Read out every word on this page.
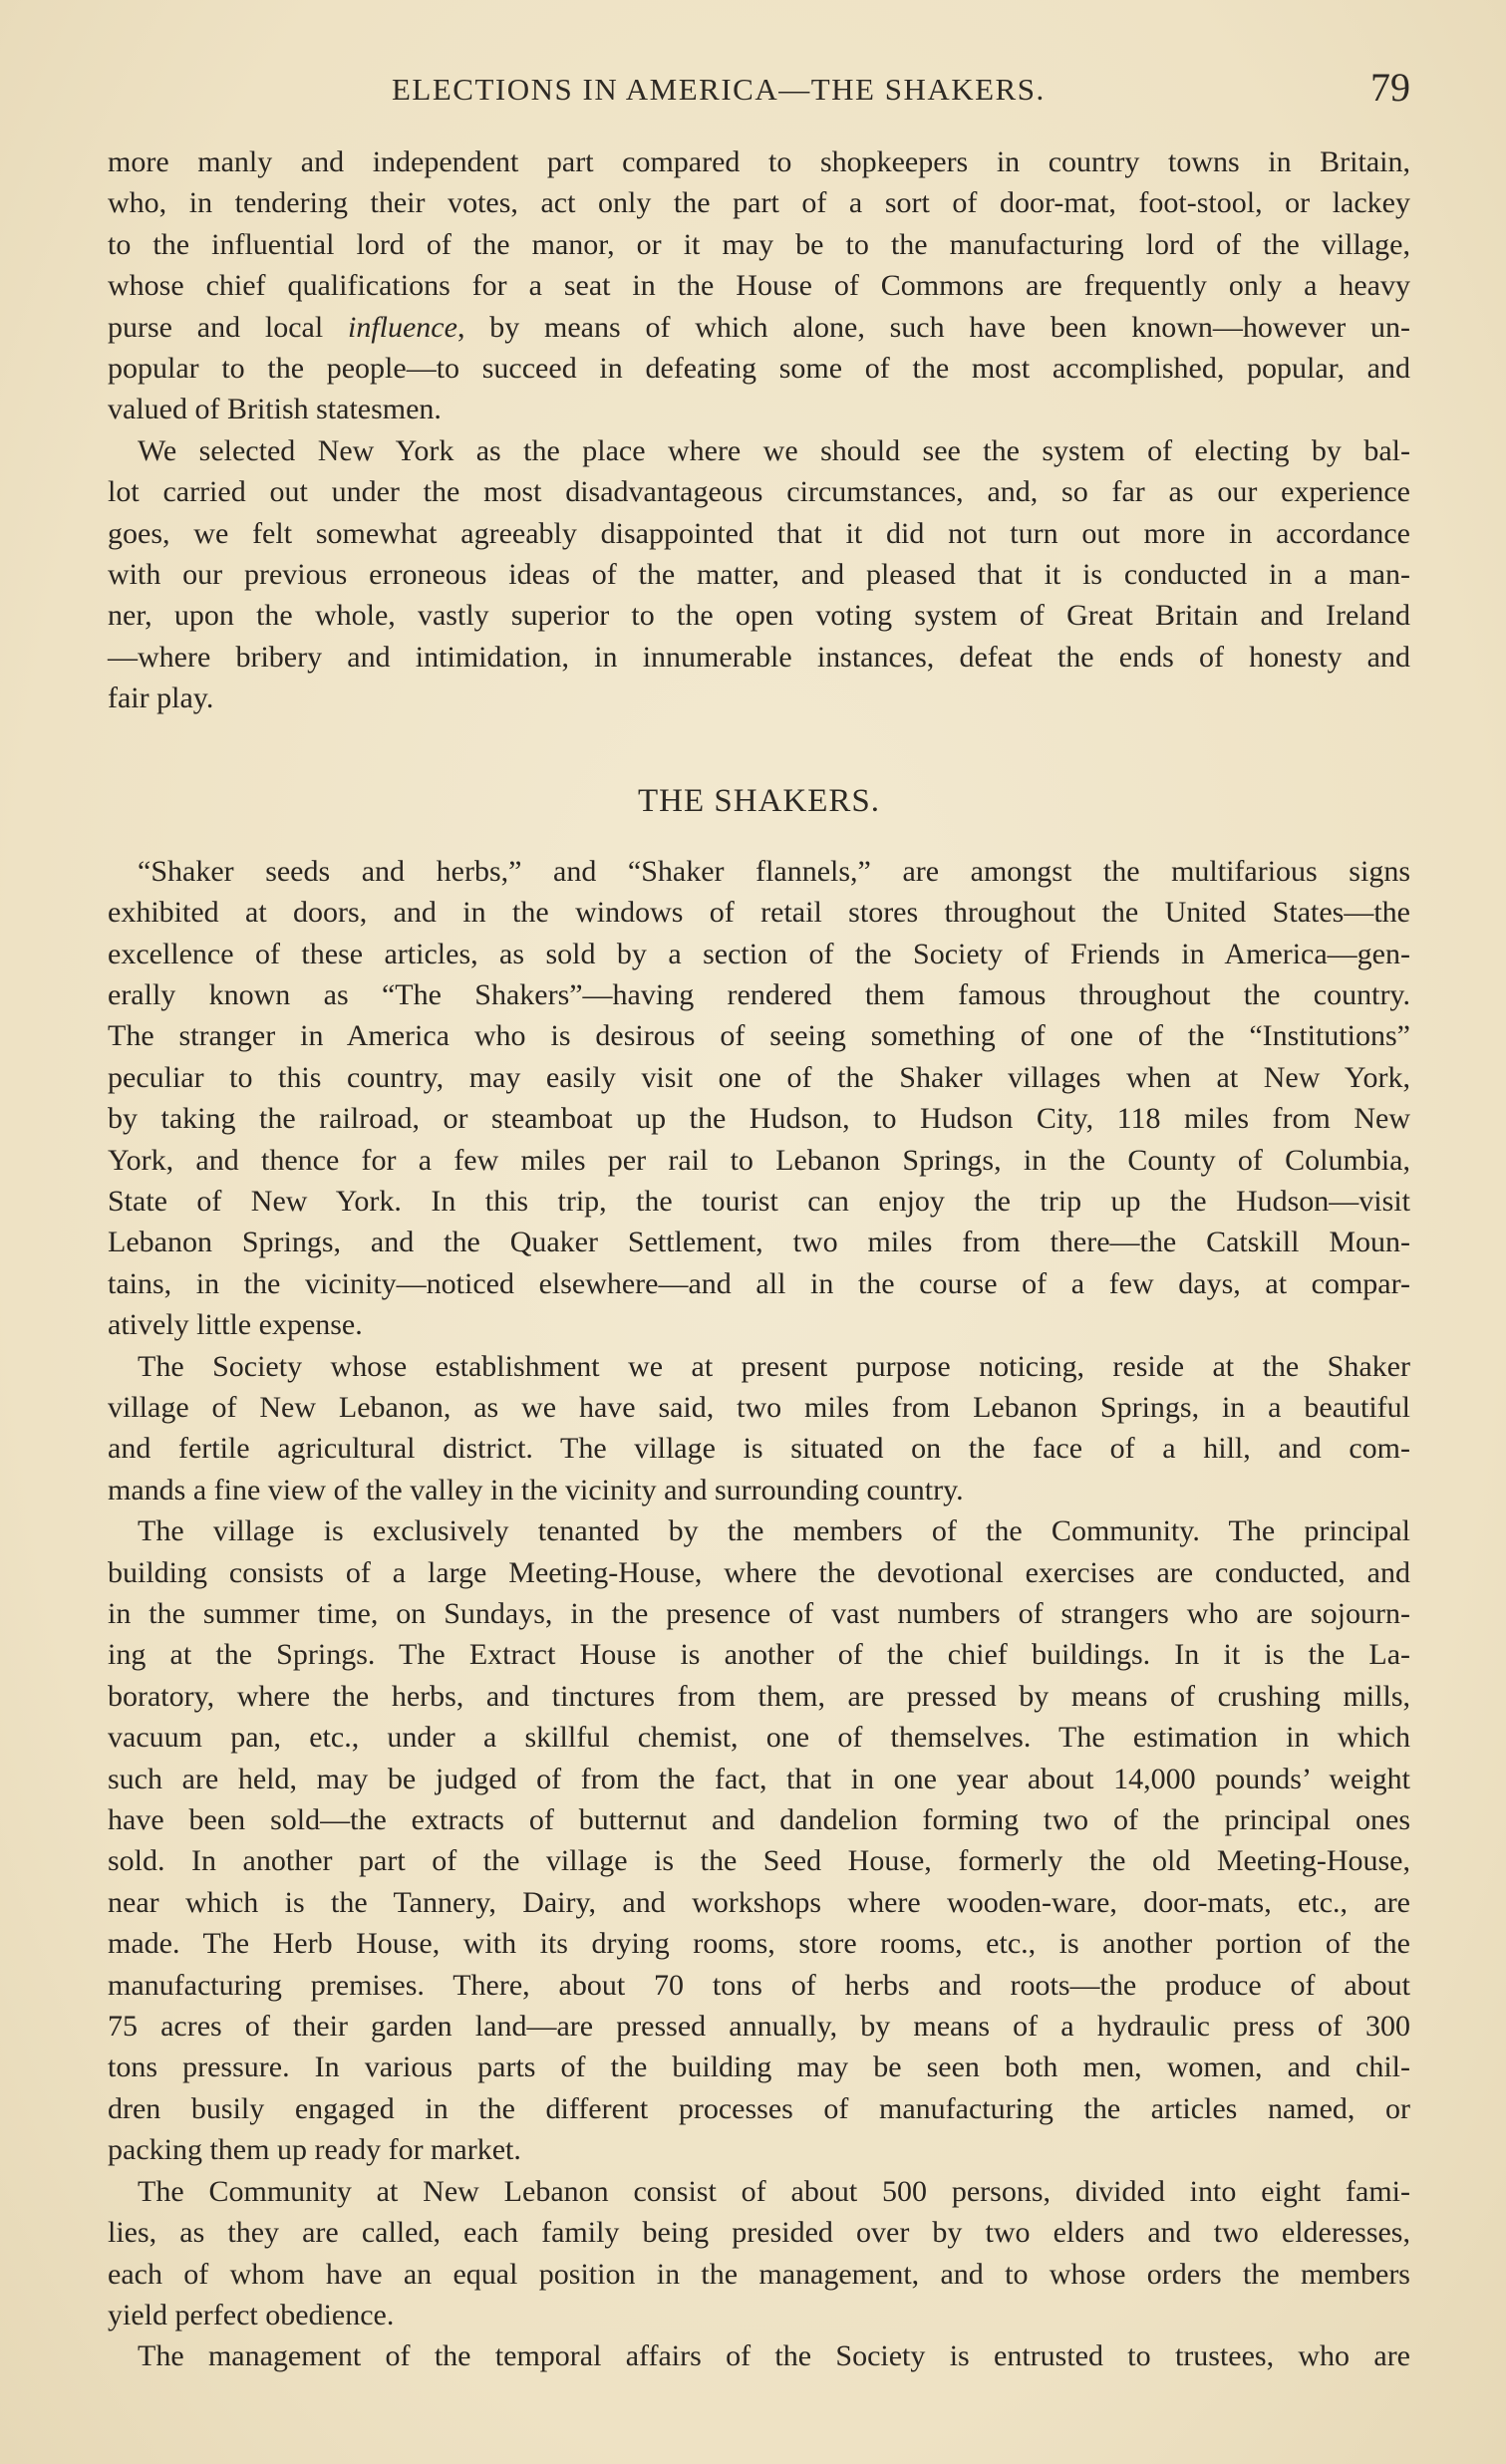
ELECTIONS IN AMERICA—THE SHAKERS.	79

more manly and independent part compared to shopkeepers in country towns in Britain,
who, in tendering their votes, act only the part of a sort of door-mat, foot-stool, or lackey
to the influential lord of the manor, or it may be to the manufacturing lord of the village,
whose chief qualifications for a seat in the House of Commons are frequently only a heavy
purse and local influence, by means of which alone, such have been known—however un-
popular to the people—to succeed in defeating some of the most accomplished, popular, and
valued of British statesmen.

We selected New York as the place where we should see the system of electing by bal-
lot carried out under the most disadvantageous circumstances, and, so far as our experience
goes, we felt somewhat agreeably disappointed that it did not turn out more in accordance
with our previous erroneous ideas of the matter, and pleased that it is conducted in a man-
ner, upon the whole, vastly superior to the open voting system of Great Britain and Ireland
—where bribery and intimidation, in innumerable instances, defeat the ends of honesty and
fair play.

THE SHAKERS.

“Shaker seeds and herbs,” and “Shaker flannels,” are amongst the multifarious signs
exhibited at doors, and in the windows of retail stores throughout the United States—the
excellence of these articles, as sold by a section of the Society of Friends in America—gen-
erally known as “The Shakers”—having rendered them famous throughout the country.
The stranger in America who is desirous of seeing something of one of the “Institutions”
peculiar to this country, may easily visit one of the Shaker villages when at New York,
by taking the railroad, or steamboat up the Hudson, to Hudson City, 118 miles from New
York, and thence for a few miles per rail to Lebanon Springs, in the County of Columbia,
State of New York. In this trip, the tourist can enjoy the trip up the Hudson—visit
Lebanon Springs, and the Quaker Settlement, two miles from there—the Catskill Moun-
tains, in the vicinity—noticed elsewhere—and all in the course of a few days, at compar-
atively little expense.

The Society whose establishment we at present purpose noticing, reside at the Shaker
village of New Lebanon, as we have said, two miles from Lebanon Springs, in a beautiful
and fertile agricultural district. The village is situated on the face of a hill, and com-
mands a fine view of the valley in the vicinity and surrounding country.

The village is exclusively tenanted by the members of the Community. The principal
building consists of a large Meeting-House, where the devotional exercises are conducted, and
in the summer time, on Sundays, in the presence of vast numbers of strangers who are sojourn-
ing at the Springs. The Extract House is another of the chief buildings. In it is the La-
boratory, where the herbs, and tinctures from them, are pressed by means of crushing mills,
vacuum pan, etc., under a skillful chemist, one of themselves. The estimation in which
such are held, may be judged of from the fact, that in one year about 14,000 pounds’ weight
have been sold—the extracts of butternut and dandelion forming two of the principal ones
sold. In another part of the village is the Seed House, formerly the old Meeting-House,
near which is the Tannery, Dairy, and workshops where wooden-ware, door-mats, etc., are
made. The Herb House, with its drying rooms, store rooms, etc., is another portion of the
manufacturing premises. There, about 70 tons of herbs and roots—the produce of about
75 acres of their garden land—are pressed annually, by means of a hydraulic press of 300
tons pressure. In various parts of the building may be seen both men, women, and chil-
dren busily engaged in the different processes of manufacturing the articles named, or
packing them up ready for market.

The Community at New Lebanon consist of about 500 persons, divided into eight fami-
lies, as they are called, each family being presided over by two elders and two elderesses,
each of whom have an equal position in the management, and to whose orders the members
yield perfect obedience.

The management of the temporal affairs of the Society is entrusted to trustees, who are
